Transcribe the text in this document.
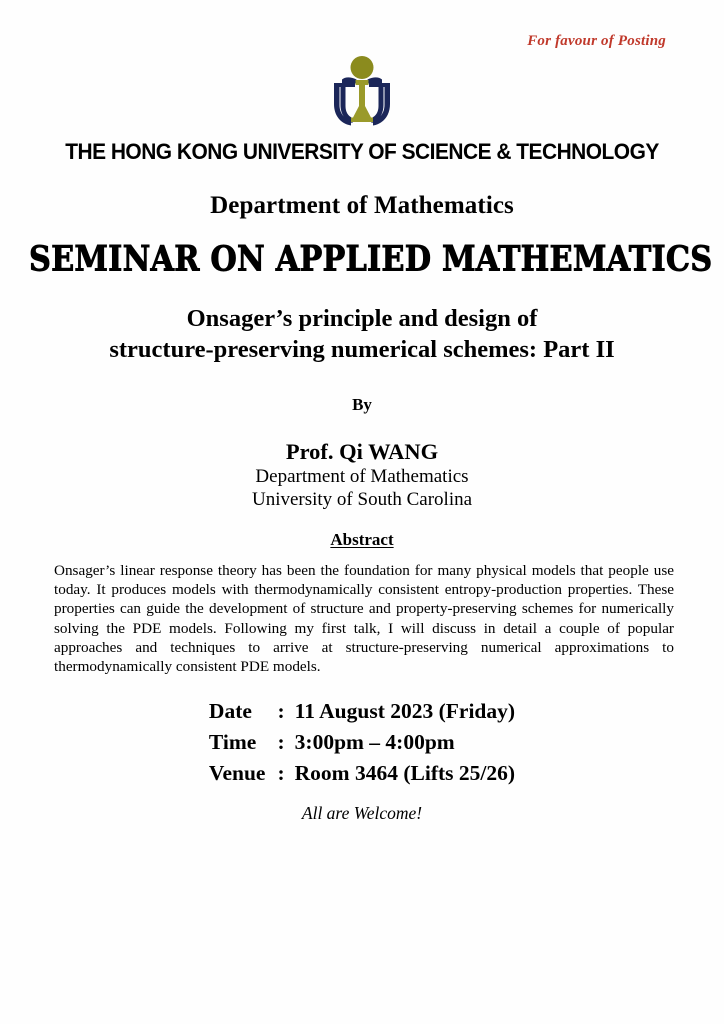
For favour of Posting
THE HONG KONG UNIVERSITY OF SCIENCE & TECHNOLOGY
Department of Mathematics
SEMINAR ON APPLIED MATHEMATICS
Onsager’s principle and design of
structure-preserving numerical schemes: Part II
By
Prof. Qi WANG
Department of Mathematics
University of South Carolina
Abstract
Onsager’s linear response theory has been the foundation for many physical models that people use today. It produces models with thermodynamically consistent entropy-production properties. These properties can guide the development of structure and property-preserving schemes for numerically solving the PDE models. Following my first talk, I will discuss in detail a couple of popular approaches and techniques to arrive at structure-preserving numerical approximations to thermodynamically consistent PDE models.
Date	:	11 August 2023 (Friday)
Time	:	3:00pm – 4:00pm
Venue	:	Room 3464 (Lifts 25/26)
All are Welcome!
